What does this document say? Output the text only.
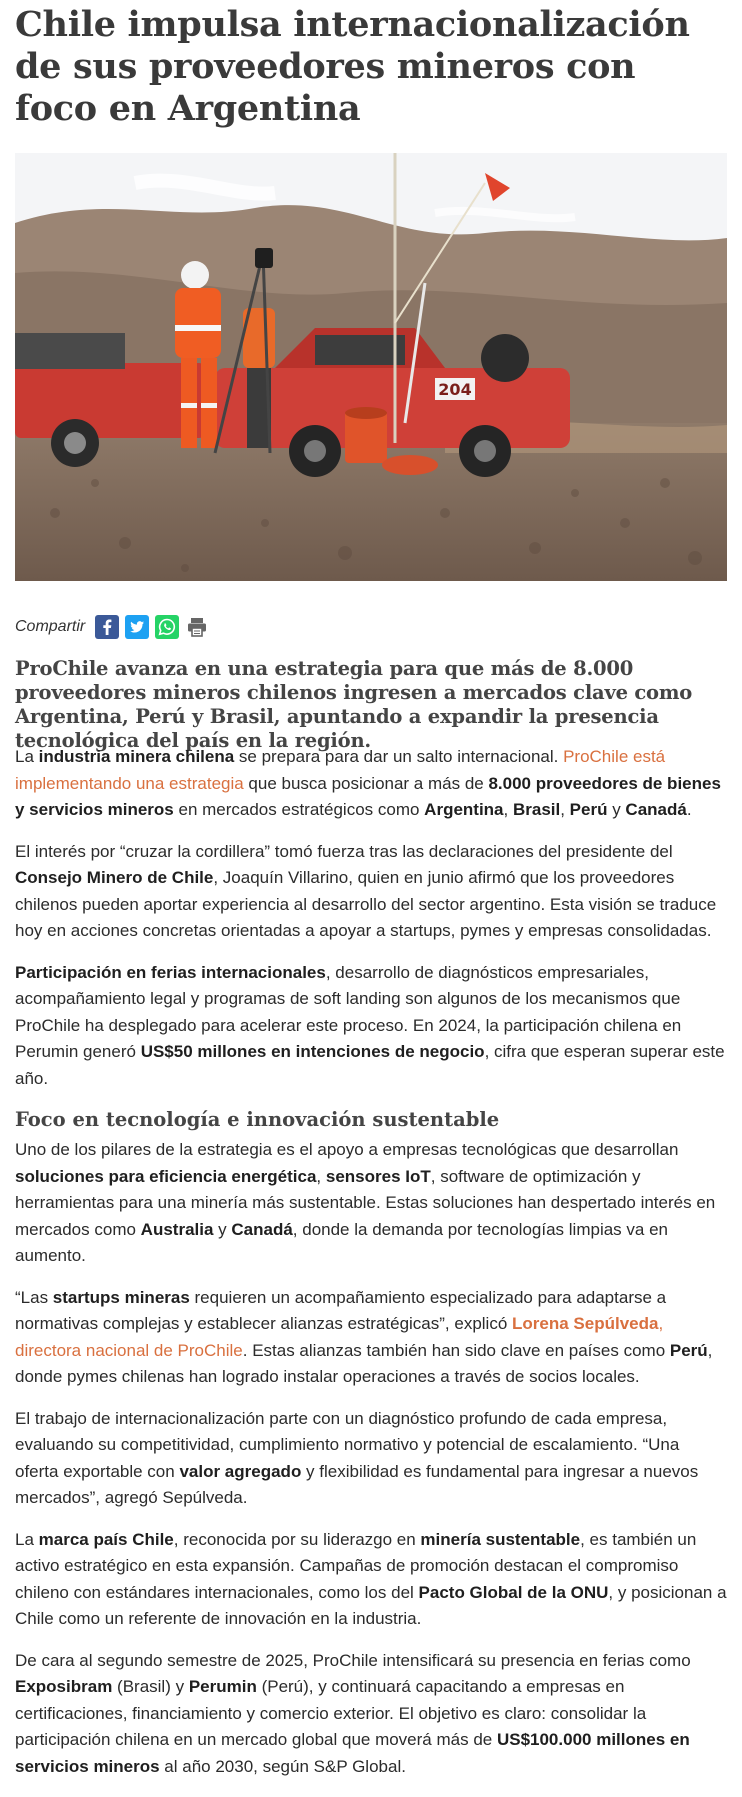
Chile impulsa internacionalización de sus proveedores mineros con foco en Argentina
204
Compartir

ProChile avanza en una estrategia para que más de 8.000 proveedores mineros chilenos ingresen a mercados clave como Argentina, Perú y Brasil, apuntando a expandir la presencia tecnológica del país en la región.

La industria minera chilena se prepara para dar un salto internacional. ProChile está implementando una estrategia que busca posicionar a más de 8.000 proveedores de bienes y servicios mineros en mercados estratégicos como Argentina, Brasil, Perú y Canadá.

El interés por “cruzar la cordillera” tomó fuerza tras las declaraciones del presidente del Consejo Minero de Chile, Joaquín Villarino, quien en junio afirmó que los proveedores chilenos pueden aportar experiencia al desarrollo del sector argentino. Esta visión se traduce hoy en acciones concretas orientadas a apoyar a startups, pymes y empresas consolidadas.

Participación en ferias internacionales, desarrollo de diagnósticos empresariales, acompañamiento legal y programas de soft landing son algunos de los mecanismos que ProChile ha desplegado para acelerar este proceso. En 2024, la participación chilena en Perumin generó US$50 millones en intenciones de negocio, cifra que esperan superar este año.

Foco en tecnología e innovación sustentable

Uno de los pilares de la estrategia es el apoyo a empresas tecnológicas que desarrollan soluciones para eficiencia energética, sensores IoT, software de optimización y herramientas para una minería más sustentable. Estas soluciones han despertado interés en mercados como Australia y Canadá, donde la demanda por tecnologías limpias va en aumento.

“Las startups mineras requieren un acompañamiento especializado para adaptarse a normativas complejas y establecer alianzas estratégicas”, explicó Lorena Sepúlveda, directora nacional de ProChile. Estas alianzas también han sido clave en países como Perú, donde pymes chilenas han logrado instalar operaciones a través de socios locales.

El trabajo de internacionalización parte con un diagnóstico profundo de cada empresa, evaluando su competitividad, cumplimiento normativo y potencial de escalamiento. “Una oferta exportable con valor agregado y flexibilidad es fundamental para ingresar a nuevos mercados”, agregó Sepúlveda.

La marca país Chile, reconocida por su liderazgo en minería sustentable, es también un activo estratégico en esta expansión. Campañas de promoción destacan el compromiso chileno con estándares internacionales, como los del Pacto Global de la ONU, y posicionan a Chile como un referente de innovación en la industria.

De cara al segundo semestre de 2025, ProChile intensificará su presencia en ferias como Exposibram (Brasil) y Perumin (Perú), y continuará capacitando a empresas en certificaciones, financiamiento y comercio exterior. El objetivo es claro: consolidar la participación chilena en un mercado global que moverá más de US$100.000 millones en servicios mineros al año 2030, según S&P Global.
